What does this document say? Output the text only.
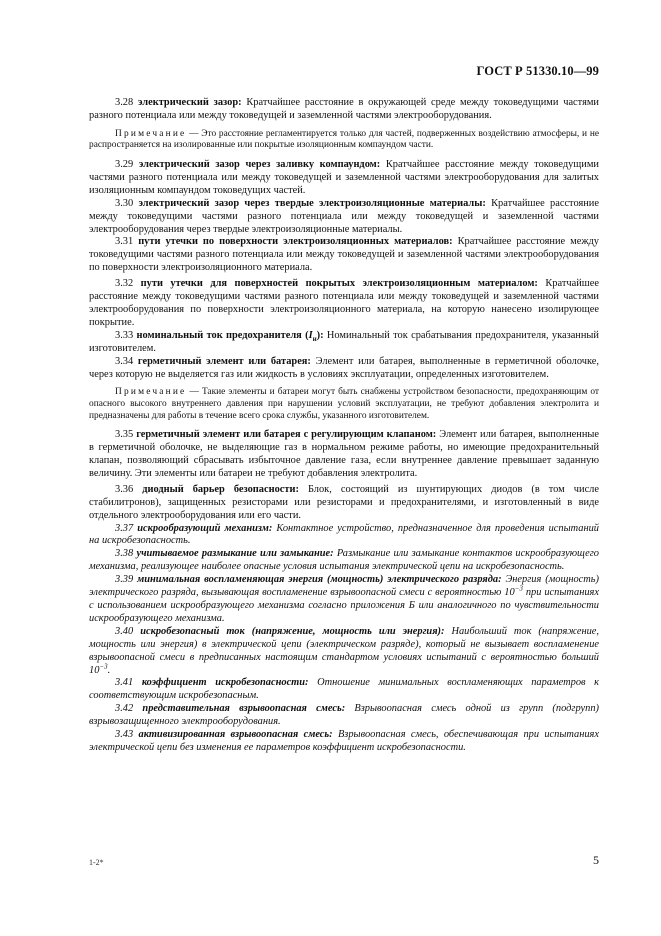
ГОСТ Р 51330.10—99

3.28 электрический зазор: Кратчайшее расстояние в окружающей среде между токоведущими частями разного потенциала или между токоведущей и заземленной частями электрооборудования.

Примечание — Это расстояние регламентируется только для частей, подверженных воздействию атмосферы, и не распространяется на изолированные или покрытые изоляционным компаундом части.

3.29 электрический зазор через заливку компаундом: Кратчайшее расстояние между токоведущими частями разного потенциала или между токоведущей и заземленной частями электрооборудования для залитых изоляционным компаундом токоведущих частей.

3.30 электрический зазор через твердые электроизоляционные материалы: Кратчайшее расстояние между токоведущими частями разного потенциала или между токоведущей и заземленной частями электрооборудования через твердые электроизоляционные материалы.

3.31 пути утечки по поверхности электроизоляционных материалов: Кратчайшее расстояние между токоведущими частями разного потенциала или между токоведущей и заземленной частями электрооборудования по поверхности электроизоляционного материала.

3.32 пути утечки для поверхностей покрытых электроизоляционным материалом: Кратчайшее расстояние между токоведущими частями разного потенциала или между токоведущей и заземленной частями электрооборудования по поверхности электроизоляционного материала, на которую нанесено изолирующее покрытие.

3.33 номинальный ток предохранителя $(I_н)$: Номинальный ток срабатывания предохранителя, указанный изготовителем.

3.34 герметичный элемент или батарея: Элемент или батарея, выполненные в герметичной оболочке, через которую не выделяется газ или жидкость в условиях эксплуатации, определенных изготовителем.

Примечание — Такие элементы и батареи могут быть снабжены устройством безопасности, предохраняющим от опасного высокого внутреннего давления при нарушении условий эксплуатации, не требуют добавления электролита и предназначены для работы в течение всего срока службы, указанного изготовителем.

3.35 герметичный элемент или батарея с регулирующим клапаном: Элемент или батарея, выполненные в герметичной оболочке, не выделяющие газ в нормальном режиме работы, но имеющие предохранительный клапан, позволяющий сбрасывать избыточное давление газа, если внутреннее давление превышает заданную величину. Эти элементы или батареи не требуют добавления электролита.

3.36 диодный барьер безопасности: Блок, состоящий из шунтирующих диодов (в том числе стабилитронов), защищенных резисторами или резисторами и предохранителями, и изготовленный в виде отдельного электрооборудования или его части.

3.37 искрообразующий механизм: Контактное устройство, предназначенное для проведения испытаний на искробезопасность.

3.38 учитываемое размыкание или замыкание: Размыкание или замыкание контактов искрообразующего механизма, реализующее наиболее опасные условия испытания электрической цепи на искробезопасность.

3.39 минимальная воспламеняющая энергия (мощность) электрического разряда: Энергия (мощность) электрического разряда, вызывающая воспламенение взрывоопасной смеси с вероятностью $10^{-3}$ при испытаниях с использованием искрообразующего механизма согласно приложения Б или аналогичного по чувствительности искрообразующего механизма.

3.40 искробезопасный ток (напряжение, мощность или энергия): Наибольший ток (напряжение, мощность или энергия) в электрической цепи (электрическом разряде), который не вызывает воспламенение взрывоопасной смеси в предписанных настоящим стандартом условиях испытаний с вероятностью больший $10^{-3}$.

3.41 коэффициент искробезопасности: Отношение минимальных воспламеняющих параметров к соответствующим искробезопасным.

3.42 представительная взрывоопасная смесь: Взрывоопасная смесь одной из групп (подгрупп) взрывозащищенного электрооборудования.

3.43 активизированная взрывоопасная смесь: Взрывоопасная смесь, обеспечивающая при испытаниях электрической цепи без изменения ее параметров коэффициент искробезопасности.

1-2*	5
